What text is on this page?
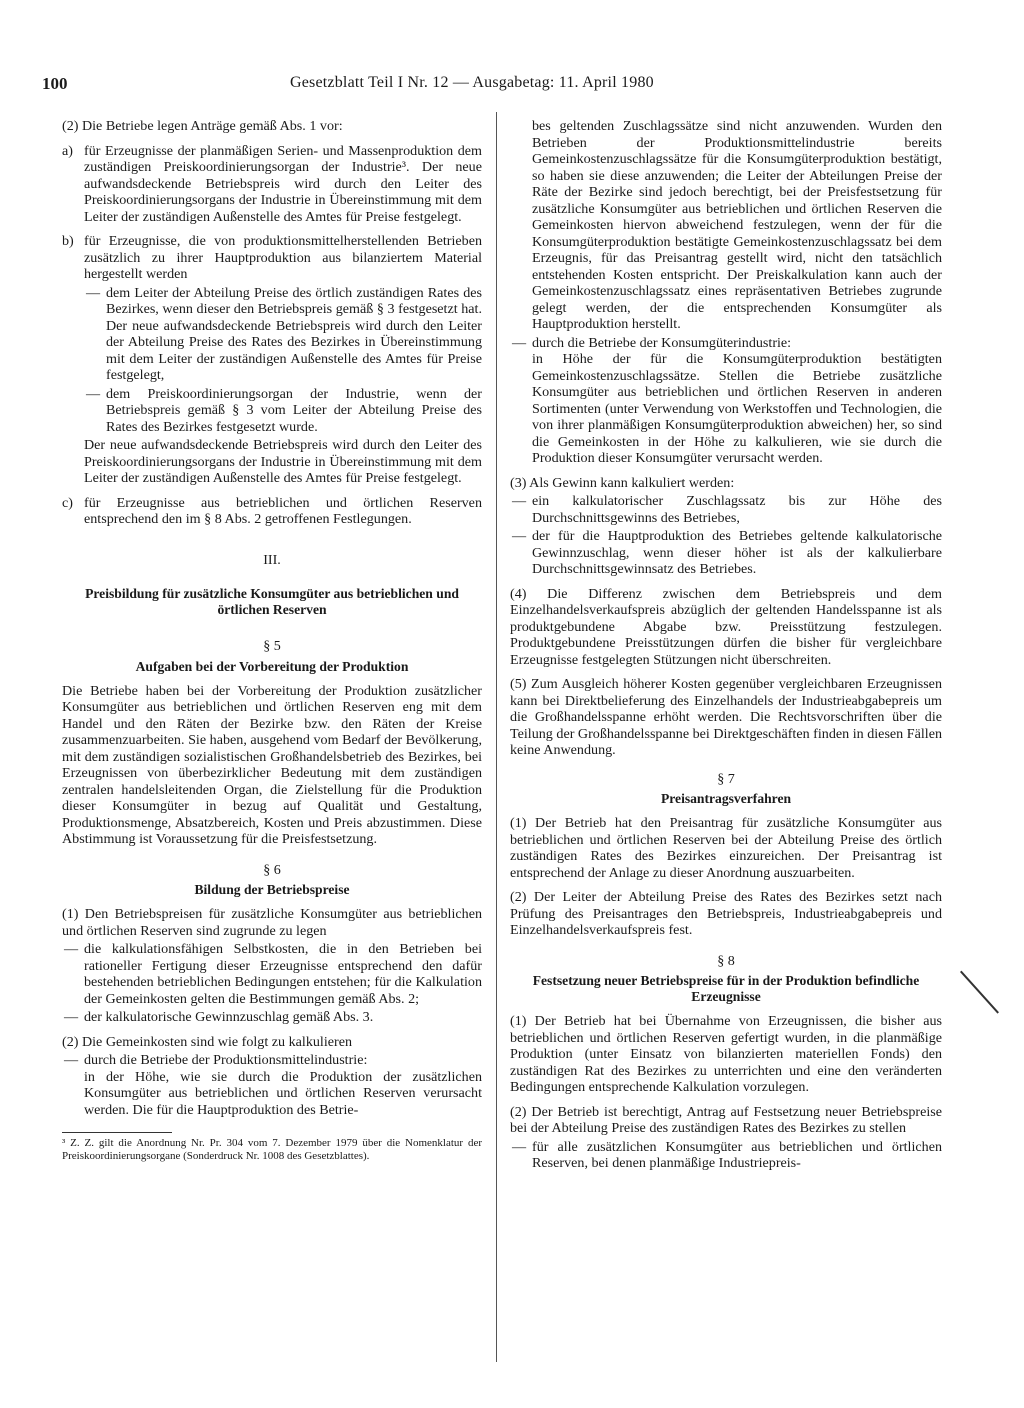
100	Gesetzblatt Teil I Nr. 12 — Ausgabetag: 11. April 1980

(2) Die Betriebe legen Anträge gemäß Abs. 1 vor:

a) für Erzeugnisse der planmäßigen Serien- und Massenproduktion dem zuständigen Preiskoordinierungsorgan der Industrie³. Der neue aufwandsdeckende Betriebspreis wird durch den Leiter des Preiskoordinierungsorgans der Industrie in Übereinstimmung mit dem Leiter der zuständigen Außenstelle des Amtes für Preise festgelegt.
b) für Erzeugnisse, die von produktionsmittelherstellenden Betrieben zusätzlich zu ihrer Hauptproduktion aus bilanziertem Material hergestellt werden
— dem Leiter der Abteilung Preise des örtlich zuständigen Rates des Bezirkes, wenn dieser den Betriebspreis gemäß § 3 festgesetzt hat. Der neue aufwandsdeckende Betriebspreis wird durch den Leiter der Abteilung Preise des Rates des Bezirkes in Übereinstimmung mit dem Leiter der zuständigen Außenstelle des Amtes für Preise festgelegt,
— dem Preiskoordinierungsorgan der Industrie, wenn der Betriebspreis gemäß § 3 vom Leiter der Abteilung Preise des Rates des Bezirkes festgesetzt wurde.

Der neue aufwandsdeckende Betriebspreis wird durch den Leiter des Preiskoordinierungsorgans der Industrie in Übereinstimmung mit dem Leiter der zuständigen Außenstelle des Amtes für Preise festgelegt.

c) für Erzeugnisse aus betrieblichen und örtlichen Reserven entsprechend den im § 8 Abs. 2 getroffenen Festlegungen.
III.
Preisbildung für zusätzliche Konsumgüter aus betrieblichen und örtlichen Reserven
§ 5
Aufgaben bei der Vorbereitung der Produktion

Die Betriebe haben bei der Vorbereitung der Produktion zusätzlicher Konsumgüter aus betrieblichen und örtlichen Reserven eng mit dem Handel und den Räten der Bezirke bzw. den Räten der Kreise zusammenzuarbeiten. Sie haben, ausgehend vom Bedarf der Bevölkerung, mit dem zuständigen sozialistischen Großhandelsbetrieb des Bezirkes, bei Erzeugnissen von überbezirklicher Bedeutung mit dem zuständigen zentralen handelsleitenden Organ, die Zielstellung für die Produktion dieser Konsumgüter in bezug auf Qualität und Gestaltung, Produktionsmenge, Absatzbereich, Kosten und Preis abzustimmen. Diese Abstimmung ist Voraussetzung für die Preisfestsetzung.

§ 6
Bildung der Betriebspreise

(1) Den Betriebspreisen für zusätzliche Konsumgüter aus betrieblichen und örtlichen Reserven sind zugrunde zu legen

— die kalkulationsfähigen Selbstkosten, die in den Betrieben bei rationeller Fertigung dieser Erzeugnisse entsprechend den dafür bestehenden betrieblichen Bedingungen entstehen; für die Kalkulation der Gemeinkosten gelten die Bestimmungen gemäß Abs. 2;
— der kalkulatorische Gewinnzuschlag gemäß Abs. 3.

(2) Die Gemeinkosten sind wie folgt zu kalkulieren

— durch die Betriebe der Produktionsmittelindustrie:

in der Höhe, wie sie durch die Produktion der zusätzlichen Konsumgüter aus betrieblichen und örtlichen Reserven verursacht werden. Die für die Hauptproduktion des Betrie-

³ Z. Z. gilt die Anordnung Nr. Pr. 304 vom 7. Dezember 1979 über die Nomenklatur der Preiskoordinierungsorgane (Sonderdruck Nr. 1008 des Gesetzblattes).

bes geltenden Zuschlagssätze sind nicht anzuwenden. Wurden den Betrieben der Produktionsmittelindustrie bereits Gemeinkostenzuschlagssätze für die Konsumgüterproduktion bestätigt, so haben sie diese anzuwenden; die Leiter der Abteilungen Preise der Räte der Bezirke sind jedoch berechtigt, bei der Preisfestsetzung für zusätzliche Konsumgüter aus betrieblichen und örtlichen Reserven die Gemeinkosten hiervon abweichend festzulegen, wenn der für die Konsumgüterproduktion bestätigte Gemeinkostenzuschlagssatz bei dem Erzeugnis, für das Preisantrag gestellt wird, nicht den tatsächlich entstehenden Kosten entspricht. Der Preiskalkulation kann auch der Gemeinkostenzuschlagssatz eines repräsentativen Betriebes zugrunde gelegt werden, der die entsprechenden Konsumgüter als Hauptproduktion herstellt.

— durch die Betriebe der Konsumgüterindustrie:

in Höhe der für die Konsumgüterproduktion bestätigten Gemeinkostenzuschlagssätze. Stellen die Betriebe zusätzliche Konsumgüter aus betrieblichen und örtlichen Reserven in anderen Sortimenten (unter Verwendung von Werkstoffen und Technologien, die von ihrer planmäßigen Konsumgüterproduktion abweichen) her, so sind die Gemeinkosten in der Höhe zu kalkulieren, wie sie durch die Produktion dieser Konsumgüter verursacht werden.

(3) Als Gewinn kann kalkuliert werden:

— ein kalkulatorischer Zuschlagssatz bis zur Höhe des Durchschnittsgewinns des Betriebes,
— der für die Hauptproduktion des Betriebes geltende kalkulatorische Gewinnzuschlag, wenn dieser höher ist als der kalkulierbare Durchschnittsgewinnsatz des Betriebes.

(4) Die Differenz zwischen dem Betriebspreis und dem Einzelhandelsverkaufspreis abzüglich der geltenden Handelsspanne ist als produktgebundene Abgabe bzw. Preisstützung festzulegen. Produktgebundene Preisstützungen dürfen die bisher für vergleichbare Erzeugnisse festgelegten Stützungen nicht überschreiten.

(5) Zum Ausgleich höherer Kosten gegenüber vergleichbaren Erzeugnissen kann bei Direktbelieferung des Einzelhandels der Industrieabgabepreis um die Großhandelsspanne erhöht werden. Die Rechtsvorschriften über die Teilung der Großhandelsspanne bei Direktgeschäften finden in diesen Fällen keine Anwendung.

§ 7
Preisantragsverfahren

(1) Der Betrieb hat den Preisantrag für zusätzliche Konsumgüter aus betrieblichen und örtlichen Reserven bei der Abteilung Preise des örtlich zuständigen Rates des Bezirkes einzureichen. Der Preisantrag ist entsprechend der Anlage zu dieser Anordnung auszuarbeiten.

(2) Der Leiter der Abteilung Preise des Rates des Bezirkes setzt nach Prüfung des Preisantrages den Betriebspreis, Industrieabgabepreis und Einzelhandelsverkaufspreis fest.

§ 8
Festsetzung neuer Betriebspreise für in der Produktion befindliche Erzeugnisse

(1) Der Betrieb hat bei Übernahme von Erzeugnissen, die bisher aus betrieblichen und örtlichen Reserven gefertigt wurden, in die planmäßige Produktion (unter Einsatz von bilanzierten materiellen Fonds) den zuständigen Rat des Bezirkes zu unterrichten und eine den veränderten Bedingungen entsprechende Kalkulation vorzulegen.

(2) Der Betrieb ist berechtigt, Antrag auf Festsetzung neuer Betriebspreise bei der Abteilung Preise des zuständigen Rates des Bezirkes zu stellen

— für alle zusätzlichen Konsumgüter aus betrieblichen und örtlichen Reserven, bei denen planmäßige Industriepreis-
